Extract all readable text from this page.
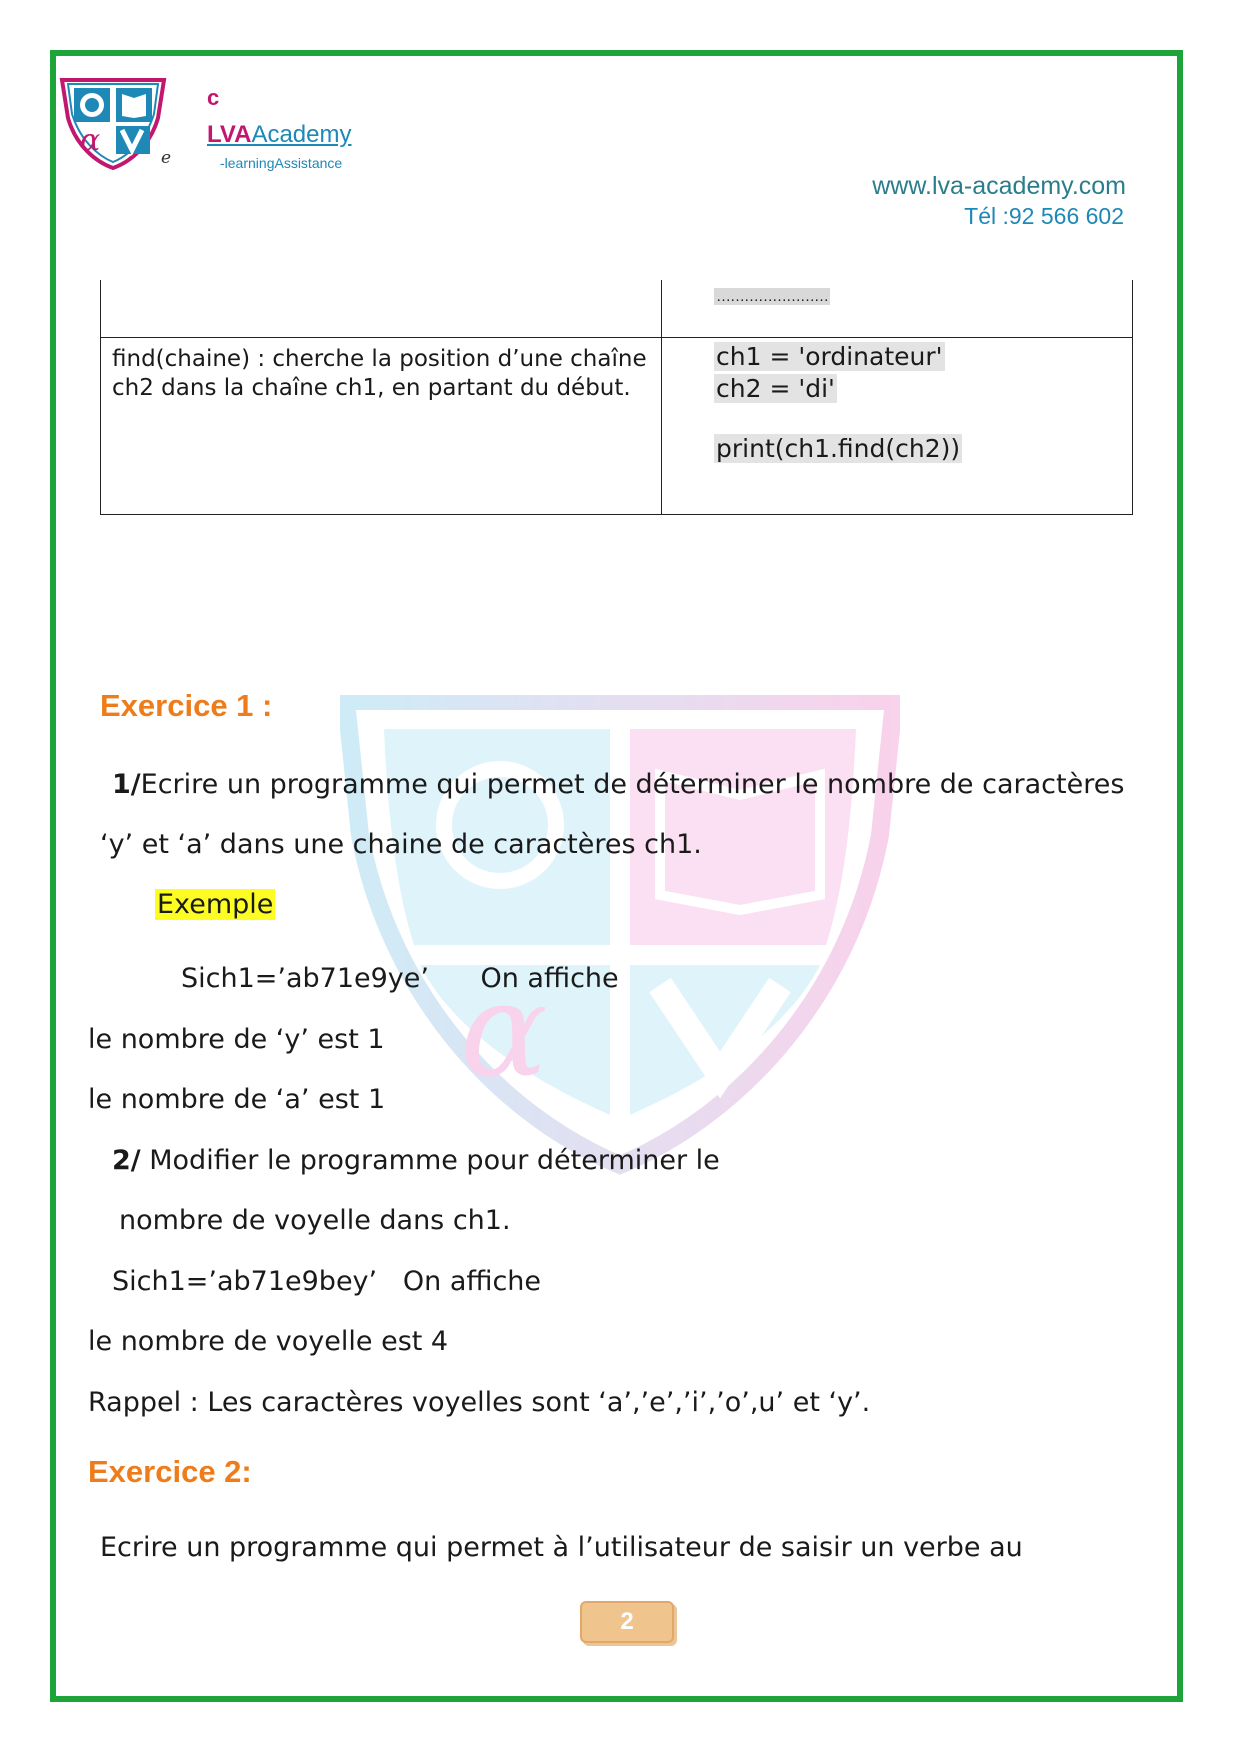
α	e
c
LVAAcademy
-learningAssistance
www.lva-academy.com
Tél :92 566 602
……………………
find(chaine) : cherche la position d’une chaîne ch2 dans la chaîne ch1, en partant du début.
ch1 = 'ordinateur'
ch2 = 'di'
print(ch1.find(ch2))
α
Exercice 1 :
1/Ecrire un programme qui permet de déterminer le nombre de caractères
‘y’ et ‘a’ dans une chaine de caractères ch1.
Exemple
Sich1=’ab71e9ye’      On affiche
le nombre de ‘y’ est 1
le nombre de ‘a’ est 1
2/ Modifier le programme pour déterminer le
nombre de voyelle dans ch1.
Sich1=’ab71e9bey’   On affiche
le nombre de voyelle est 4
Rappel : Les caractères voyelles sont ‘a’,’e’,’i’,’o’,u’ et ‘y’.
Exercice 2:
Ecrire un programme qui permet à l’utilisateur de saisir un verbe au
2
